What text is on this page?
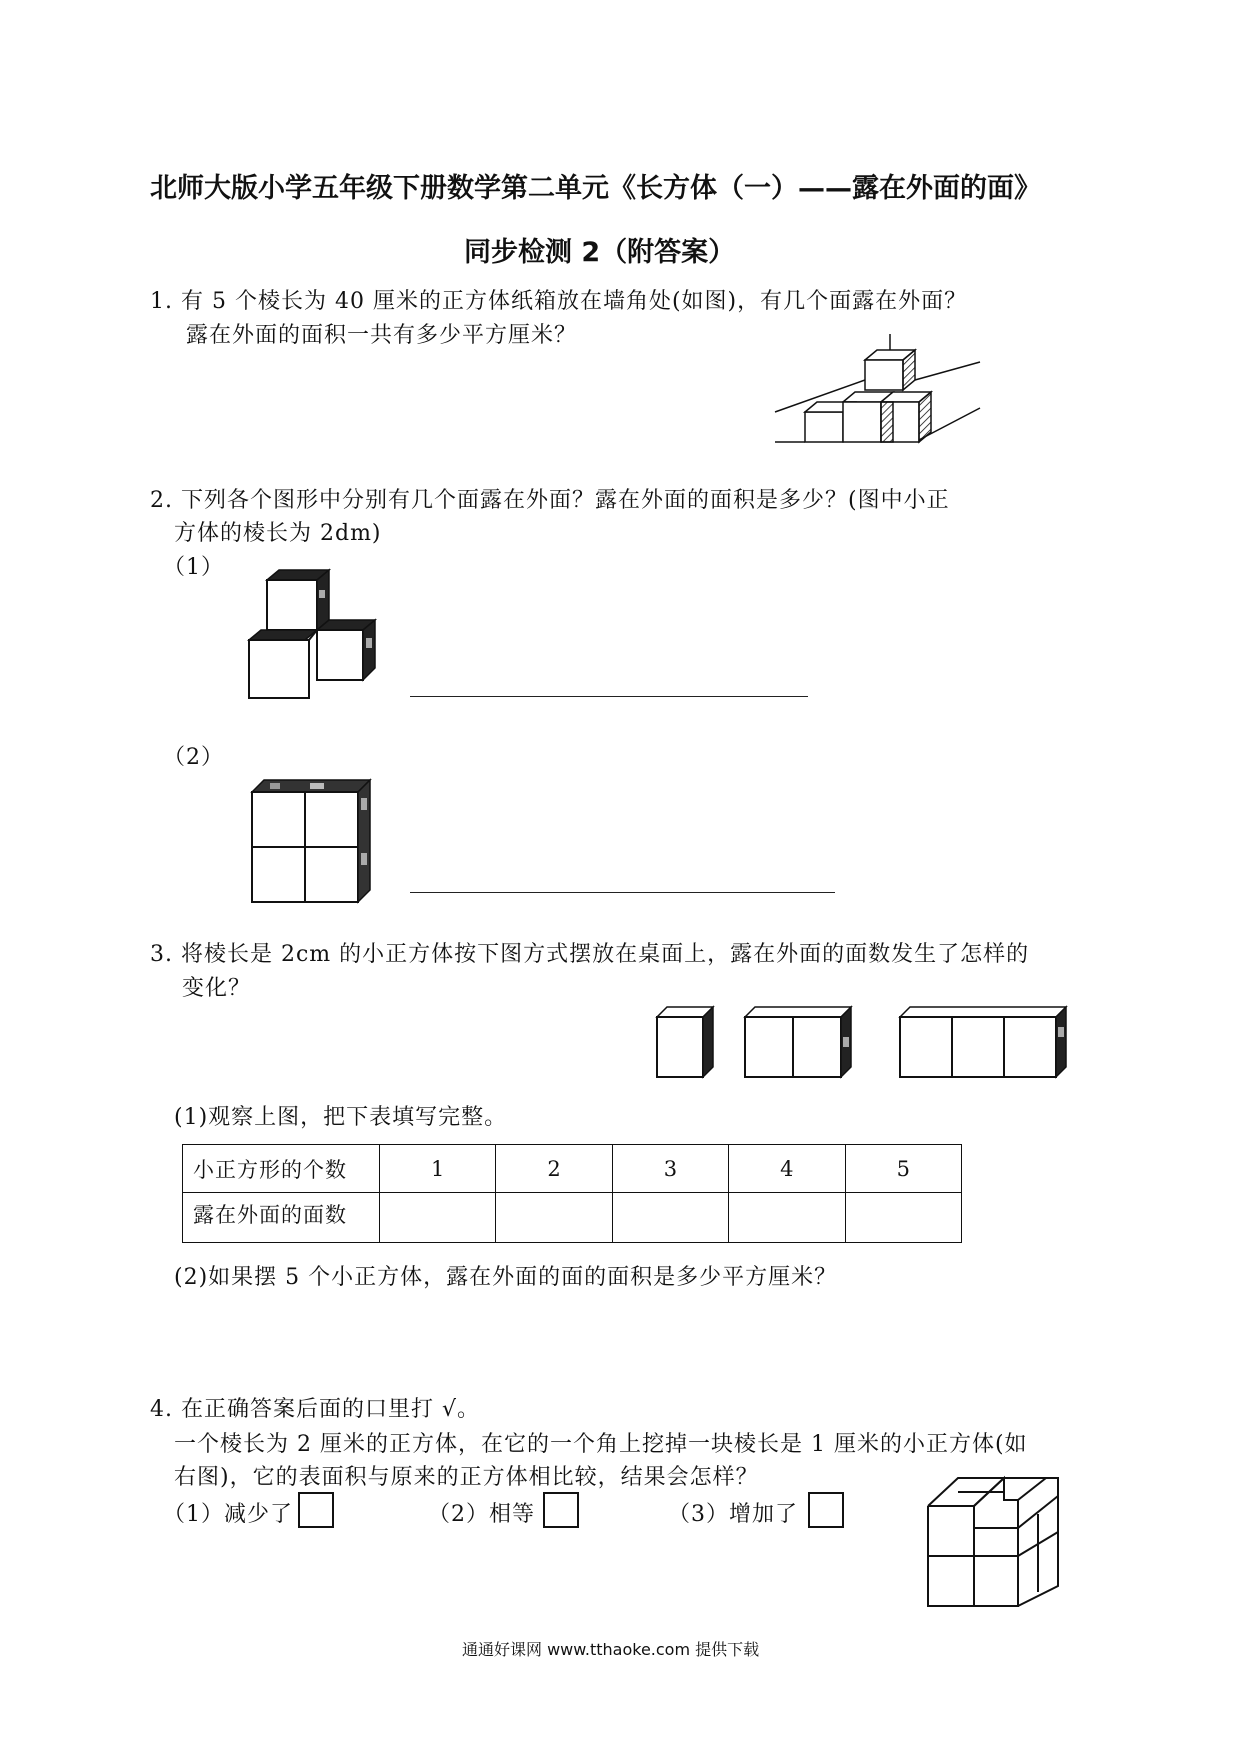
北师大版小学五年级下册数学第二单元《长方体（一）——露在外面的面》
同步检测 2（附答案）
1. 有 5 个棱长为 40 厘米的正方体纸箱放在墙角处(如图)，有几个面露在外面？
露在外面的面积一共有多少平方厘米？
2. 下列各个图形中分别有几个面露在外面？露在外面的面积是多少？(图中小正
方体的棱长为 2dm)
（1）
（2）
3. 将棱长是 2cm 的小正方体按下图方式摆放在桌面上，露在外面的面数发生了怎样的
变化？
(1)观察上图，把下表填写完整。
小正方形的个数	1	2	3	4	5
露在外面的面数					
(2)如果摆 5 个小正方体，露在外面的面的面积是多少平方厘米？
4. 在正确答案后面的口里打 √。
一个棱长为 2 厘米的正方体，在它的一个角上挖掉一块棱长是 1 厘米的小正方体(如
右图)，它的表面积与原来的正方体相比较，结果会怎样？
（1）减少了	（2）相等	（3）增加了
通通好课网 www.tthaoke.com 提供下载
